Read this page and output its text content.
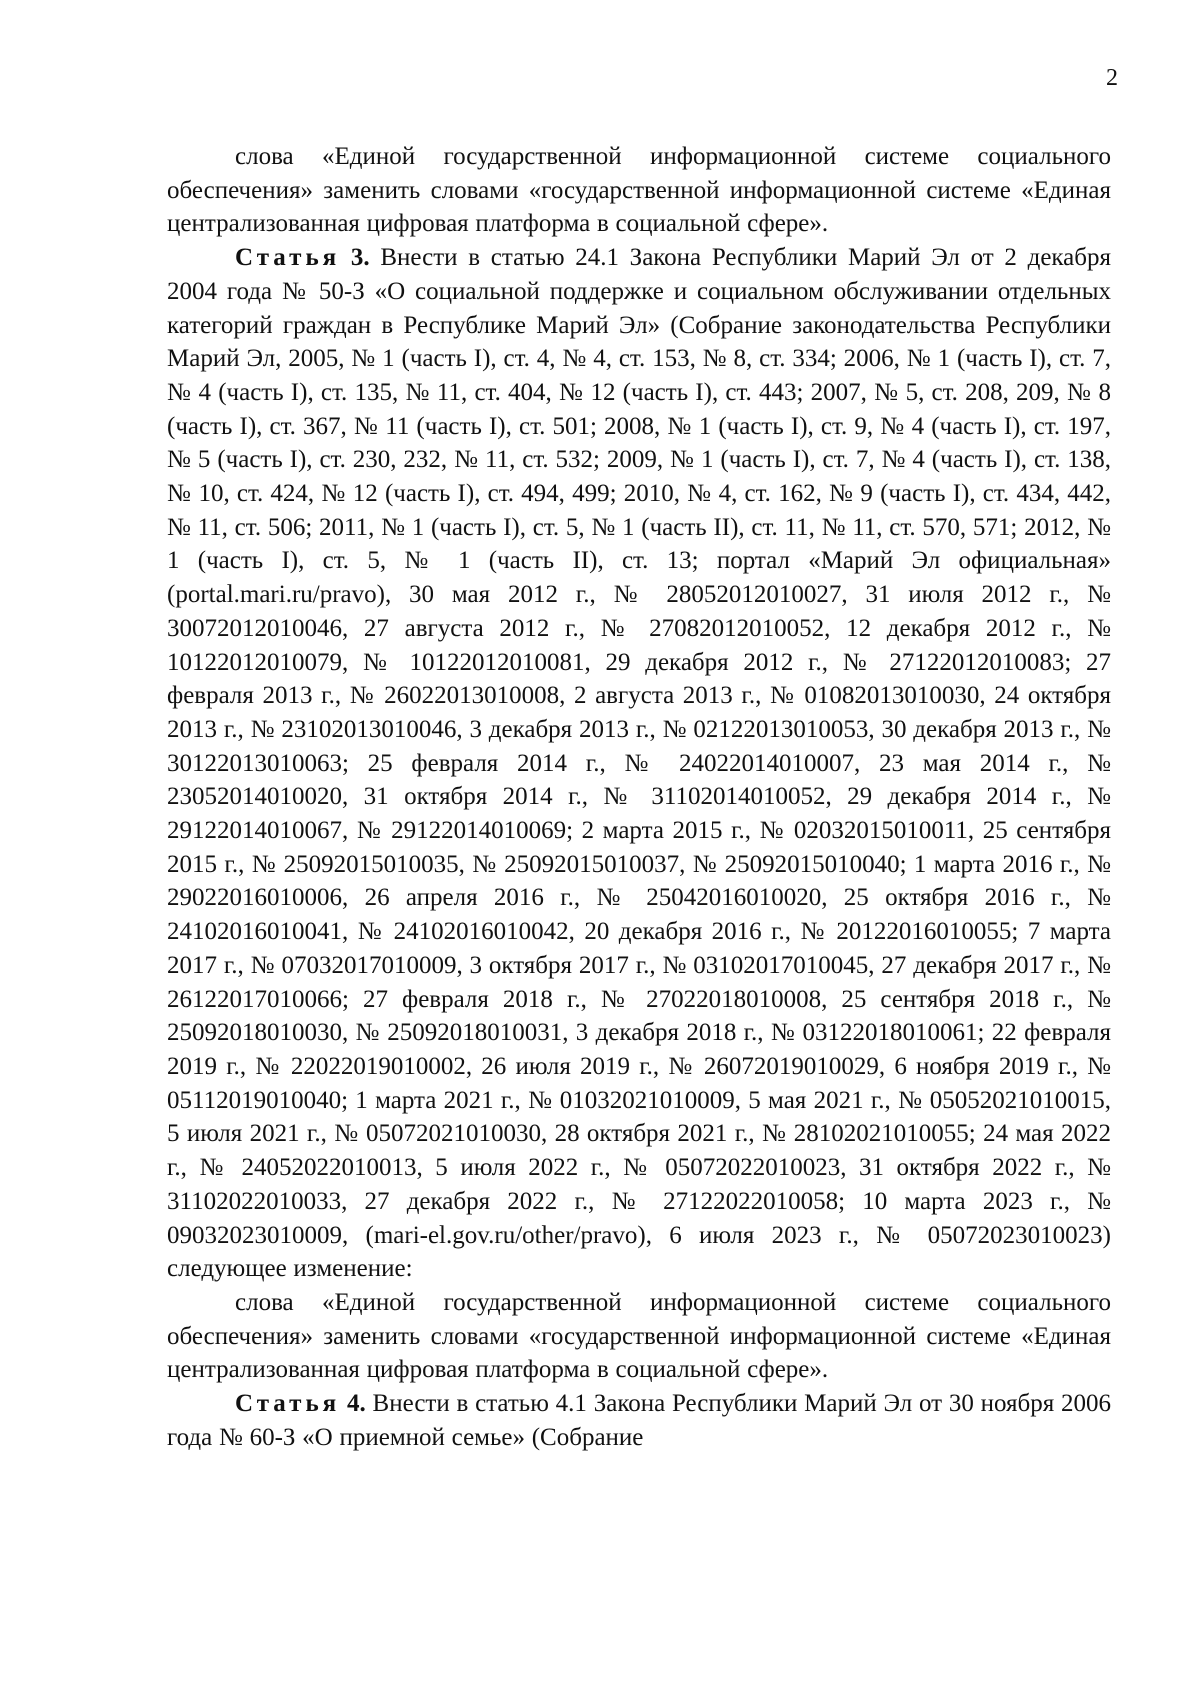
2

слова «Единой государственной информационной системе социального обеспечения» заменить словами «государственной информационной системе «Единая централизованная цифровая платформа в социальной сфере».

Статья 3. Внести в статью 24.1 Закона Республики Марий Эл от 2 декабря 2004 года № 50-З «О социальной поддержке и социальном обслуживании отдельных категорий граждан в Республике Марий Эл» (Собрание законодательства Республики Марий Эл, 2005, № 1 (часть I), ст. 4, № 4, ст. 153, № 8, ст. 334; 2006, № 1 (часть I), ст. 7, № 4 (часть I), ст. 135, № 11, ст. 404, № 12 (часть I), ст. 443; 2007, № 5, ст. 208, 209, № 8 (часть I), ст. 367, № 11 (часть I), ст. 501; 2008, № 1 (часть I), ст. 9, № 4 (часть I), ст. 197, № 5 (часть I), ст. 230, 232, № 11, ст. 532; 2009, № 1 (часть I), ст. 7, № 4 (часть I), ст. 138, № 10, ст. 424, № 12 (часть I), ст. 494, 499; 2010, № 4, ст. 162, № 9 (часть I), ст. 434, 442, № 11, ст. 506; 2011, № 1 (часть I), ст. 5, № 1 (часть II), ст. 11, № 11, ст. 570, 571; 2012, № 1 (часть I), ст. 5, № 1 (часть II), ст. 13; портал «Марий Эл официальная» (portal.mari.ru/pravo), 30 мая 2012 г., № 28052012010027, 31 июля 2012 г., № 30072012010046, 27 августа 2012 г., № 27082012010052, 12 декабря 2012 г., № 10122012010079, № 10122012010081, 29 декабря 2012 г., № 27122012010083; 27 февраля 2013 г., № 26022013010008, 2 августа 2013 г., № 01082013010030, 24 октября 2013 г., № 23102013010046, 3 декабря 2013 г., № 02122013010053, 30 декабря 2013 г., № 30122013010063; 25 февраля 2014 г., № 24022014010007, 23 мая 2014 г., № 23052014010020, 31 октября 2014 г., № 31102014010052, 29 декабря 2014 г., № 29122014010067, № 29122014010069; 2 марта 2015 г., № 02032015010011, 25 сентября 2015 г., № 25092015010035, № 25092015010037, № 25092015010040; 1 марта 2016 г., № 29022016010006, 26 апреля 2016 г., № 25042016010020, 25 октября 2016 г., № 24102016010041, № 24102016010042, 20 декабря 2016 г., № 20122016010055; 7 марта 2017 г., № 07032017010009, 3 октября 2017 г., № 03102017010045, 27 декабря 2017 г., № 26122017010066; 27 февраля 2018 г., № 27022018010008, 25 сентября 2018 г., № 25092018010030, № 25092018010031, 3 декабря 2018 г., № 03122018010061; 22 февраля 2019 г., № 22022019010002, 26 июля 2019 г., № 26072019010029, 6 ноября 2019 г., № 05112019010040; 1 марта 2021 г., № 01032021010009, 5 мая 2021 г., № 05052021010015, 5 июля 2021 г., № 05072021010030, 28 октября 2021 г., № 28102021010055; 24 мая 2022 г., № 24052022010013, 5 июля 2022 г., № 05072022010023, 31 октября 2022 г., № 31102022010033, 27 декабря 2022 г., № 27122022010058; 10 марта 2023 г., № 09032023010009, (mari-el.gov.ru/other/pravo), 6 июля 2023 г., № 05072023010023) следующее изменение:

слова «Единой государственной информационной системе социального обеспечения» заменить словами «государственной информационной системе «Единая централизованная цифровая платформа в социальной сфере».

Статья 4. Внести в статью 4.1 Закона Республики Марий Эл от 30 ноября 2006 года № 60-З «О приемной семье» (Собрание
